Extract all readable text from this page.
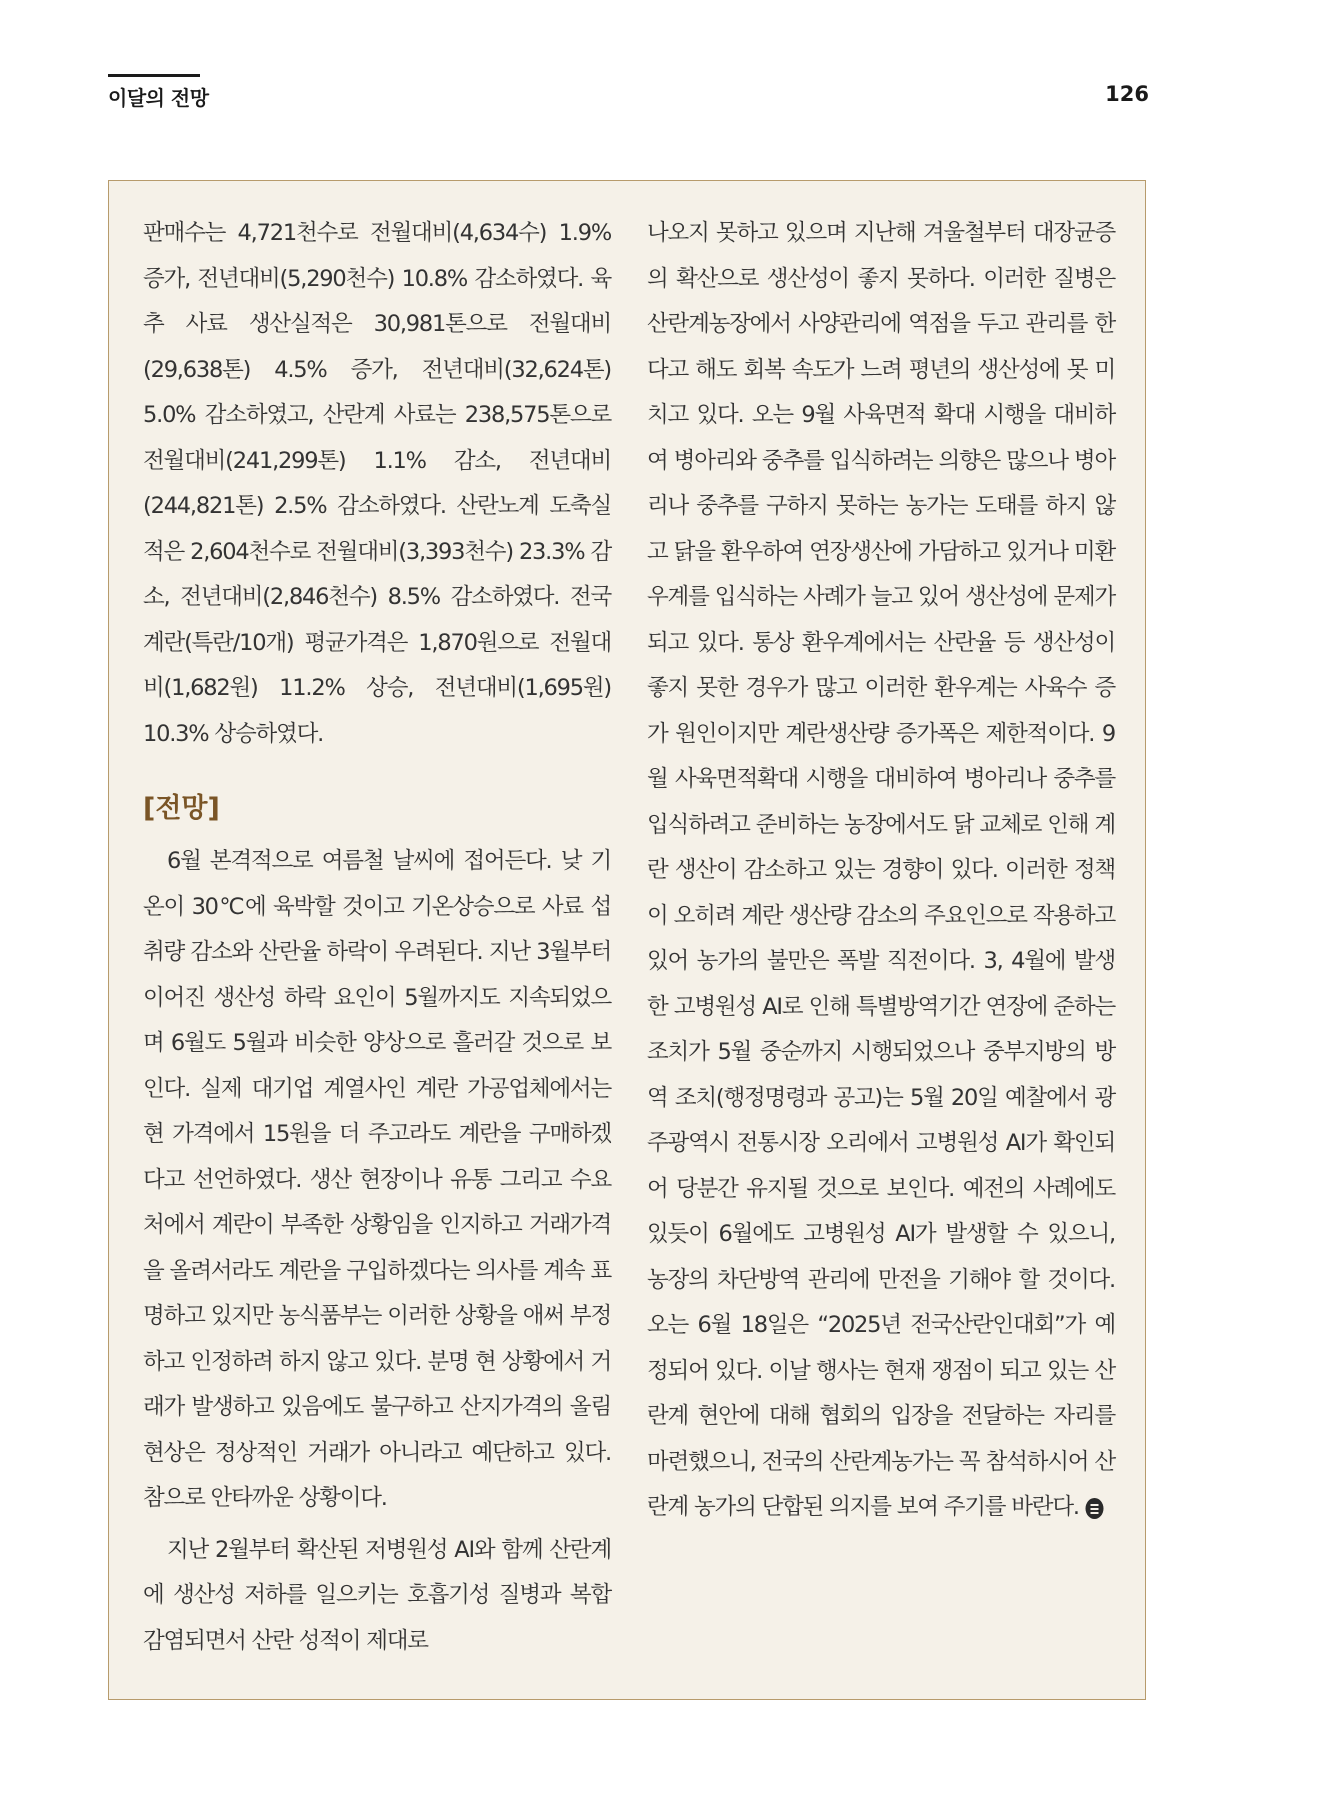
이달의 전망	126

판매수는 4,721천수로 전월대비(4,634수) 1.9% 증가, 전년대비(5,290천수) 10.8% 감소하였다. 육추 사료 생산실적은 30,981톤으로 전월대비(29,638톤) 4.5% 증가, 전년대비(32,624톤) 5.0% 감소하였고, 산란계 사료는 238,575톤으로 전월대비(241,299톤) 1.1% 감소, 전년대비(244,821톤) 2.5% 감소하였다. 산란노계 도축실적은 2,604천수로 전월대비(3,393천수) 23.3% 감소, 전년대비(2,846천수) 8.5% 감소하였다. 전국 계란(특란/10개) 평균가격은 1,870원으로 전월대비(1,682원) 11.2% 상승, 전년대비(1,695원) 10.3% 상승하였다.

[전망]

6월 본격적으로 여름철 날씨에 접어든다. 낮 기온이 30℃에 육박할 것이고 기온상승으로 사료 섭취량 감소와 산란율 하락이 우려된다. 지난 3월부터 이어진 생산성 하락 요인이 5월까지도 지속되었으며 6월도 5월과 비슷한 양상으로 흘러갈 것으로 보인다. 실제 대기업 계열사인 계란 가공업체에서는 현 가격에서 15원을 더 주고라도 계란을 구매하겠다고 선언하였다. 생산 현장이나 유통 그리고 수요처에서 계란이 부족한 상황임을 인지하고 거래가격을 올려서라도 계란을 구입하겠다는 의사를 계속 표명하고 있지만 농식품부는 이러한 상황을 애써 부정하고 인정하려 하지 않고 있다. 분명 현 상황에서 거래가 발생하고 있음에도 불구하고 산지가격의 올림 현상은 정상적인 거래가 아니라고 예단하고 있다. 참으로 안타까운 상황이다.

지난 2월부터 확산된 저병원성 AI와 함께 산란계에 생산성 저하를 일으키는 호흡기성 질병과 복합 감염되면서 산란 성적이 제대로

나오지 못하고 있으며 지난해 겨울철부터 대장균증의 확산으로 생산성이 좋지 못하다. 이러한 질병은 산란계농장에서 사양관리에 역점을 두고 관리를 한다고 해도 회복 속도가 느려 평년의 생산성에 못 미치고 있다. 오는 9월 사육면적 확대 시행을 대비하여 병아리와 중추를 입식하려는 의향은 많으나 병아리나 중추를 구하지 못하는 농가는 도태를 하지 않고 닭을 환우하여 연장생산에 가담하고 있거나 미환우계를 입식하는 사례가 늘고 있어 생산성에 문제가 되고 있다. 통상 환우계에서는 산란율 등 생산성이 좋지 못한 경우가 많고 이러한 환우계는 사육수 증가 원인이지만 계란생산량 증가폭은 제한적이다. 9월 사육면적확대 시행을 대비하여 병아리나 중추를 입식하려고 준비하는 농장에서도 닭 교체로 인해 계란 생산이 감소하고 있는 경향이 있다. 이러한 정책이 오히려 계란 생산량 감소의 주요인으로 작용하고 있어 농가의 불만은 폭발 직전이다. 3, 4월에 발생한 고병원성 AI로 인해 특별방역기간 연장에 준하는 조치가 5월 중순까지 시행되었으나 중부지방의 방역 조치(행정명령과 공고)는 5월 20일 예찰에서 광주광역시 전통시장 오리에서 고병원성 AI가 확인되어 당분간 유지될 것으로 보인다. 예전의 사례에도 있듯이 6월에도 고병원성 AI가 발생할 수 있으니, 농장의 차단방역 관리에 만전을 기해야 할 것이다. 오는 6월 18일은 “2025년 전국산란인대회”가 예정되어 있다. 이날 행사는 현재 쟁점이 되고 있는 산란계 현안에 대해 협회의 입장을 전달하는 자리를 마련했으니, 전국의 산란계농가는 꼭 참석하시어 산란계 농가의 단합된 의지를 보여 주기를 바란다.
